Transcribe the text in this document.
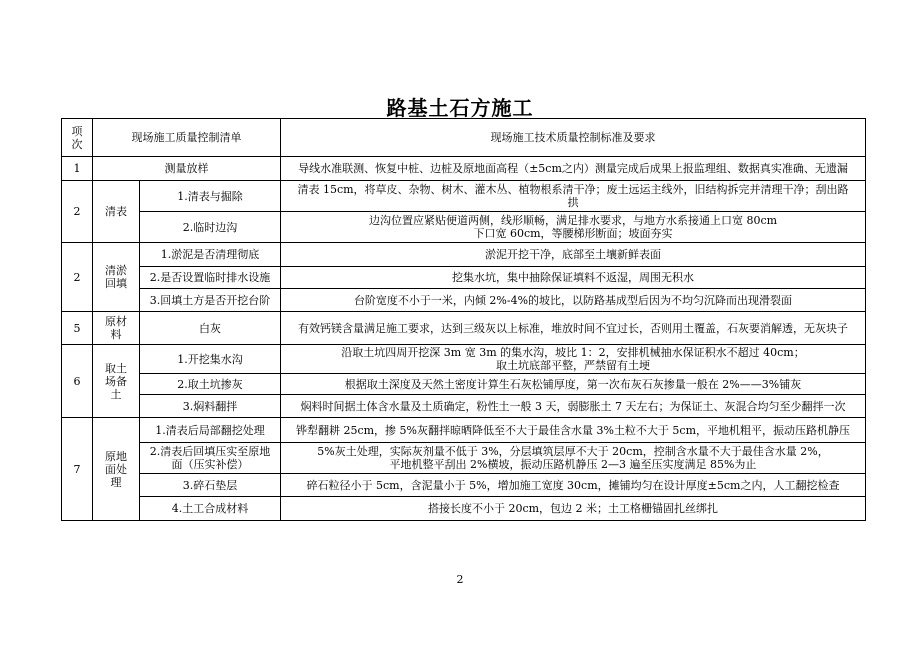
路基土石方施工
项
次	现场施工质量控制清单		现场施工技术质量控制标准及要求
1	测量放样		导线水准联测、恢复中桩、边桩及原地面高程（±5cm之内）测量完成后成果上报监理组、数据真实准确、无遗漏
2	清表	1.清表与掘除	清表 15cm，将草皮、杂物、树木、灌木丛、植物根系清干净；废土远运主线外，旧结构拆完并清理干净；刮出路
拱

		2.临时边沟	边沟位置应紧贴便道两侧，线形顺畅，满足排水要求，与地方水系接通上口宽 80cm
下口宽 60cm，等腰梯形断面；坡面夯实

2	清淤
回填	1.淤泥是否清理彻底	淤泥开挖干净，底部至土壤新鲜表面
		2.是否设置临时排水设施	挖集水坑，集中抽除保证填料不返湿，周围无积水
		3.回填土方是否开挖台阶	台阶宽度不小于一米，内倾 2%-4%的坡比，以防路基成型后因为不均匀沉降而出现滑裂面
5	原材
料	白灰	有效钙镁含量满足施工要求，达到三级灰以上标准，堆放时间不宜过长，否则用土覆盖，石灰要消解透，无灰块子
6	取土
场备
土	1.开挖集水沟	沿取土坑四周开挖深 3m 宽 3m 的集水沟，坡比 1：2，安排机械抽水保证积水不超过 40cm；
取土坑底部平整，严禁留有土埂

		2.取土坑掺灰	根据取土深度及天然土密度计算生石灰松铺厚度，第一次布灰石灰掺量一般在 2%——3%铺灰
		3.焖料翻拌	焖料时间据土体含水量及土质确定，粉性土一般 3 天，弱膨胀土 7 天左右；为保证土、灰混合均匀至少翻拌一次
7	原地
面处
理	1.清表后局部翻挖处理	铧犁翻耕 25cm，掺 5%灰翻拌晾晒降低至不大于最佳含水量 3%土粒不大于 5cm，平地机粗平，振动压路机静压

		2.清表后回填压实至原地
面（压实补偿）	5%灰土处理，实际灰剂量不低于 3%，分层填筑层厚不大于 20cm，控制含水量不大于最佳含水量 2%，
平地机整平刮出 2%横坡，振动压路机静压 2—3 遍至压实度满足 85%为止

		3.碎石垫层	碎石粒径小于 5cm，含泥量小于 5%，增加施工宽度 30cm，摊铺均匀在设计厚度±5cm之内，人工翻挖检查
		4.土工合成材料	搭接长度不小于 20cm，包边 2 米；土工格栅锚固扎丝绑扎
2
